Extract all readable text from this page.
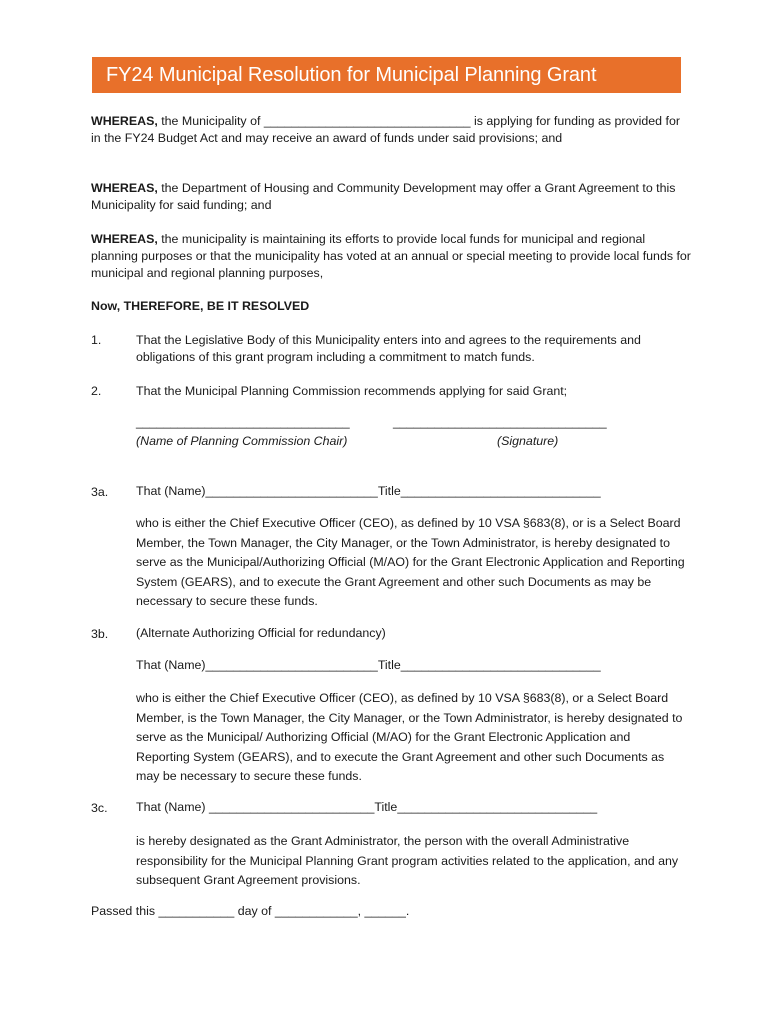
FY24 Municipal Resolution for Municipal Planning Grant

WHEREAS, the Municipality of ______________________________ is applying for funding as provided for in the FY24 Budget Act and may receive an award of funds under said provisions; and

WHEREAS, the Department of Housing and Community Development may offer a Grant Agreement to this Municipality for said funding; and

WHEREAS, the municipality is maintaining its efforts to provide local funds for municipal and regional planning purposes or that the municipality has voted at an annual or special meeting to provide local funds for municipal and regional planning purposes,

Now, THEREFORE, BE IT RESOLVED

1.	That the Legislative Body of this Municipality enters into and agrees to the requirements and obligations of this grant program including a commitment to match funds.

2.	That the Municipal Planning Commission recommends applying for said Grant;

_______________________________	_______________________________
(Name of Planning Commission Chair)	(Signature)

3a. That (Name)_________________________Title_____________________________

who is either the Chief Executive Officer (CEO), as defined by 10 VSA §683(8), or is a Select Board Member, the Town Manager, the City Manager, or the Town Administrator, is hereby designated to serve as the Municipal/Authorizing Official (M/AO) for the Grant Electronic Application and Reporting System (GEARS), and to execute the Grant Agreement and other such Documents as may be necessary to secure these funds.

3b. (Alternate Authorizing Official for redundancy)
That (Name)_________________________Title_____________________________

who is either the Chief Executive Officer (CEO), as defined by 10 VSA §683(8), or a Select Board Member, is the Town Manager, the City Manager, or the Town Administrator, is hereby designated to serve as the Municipal/ Authorizing Official (M/AO) for the Grant Electronic Application and Reporting System (GEARS), and to execute the Grant Agreement and other such Documents as may be necessary to secure these funds.

3c. That (Name) ________________________Title_____________________________

is hereby designated as the Grant Administrator, the person with the overall Administrative responsibility for the Municipal Planning Grant program activities related to the application, and any subsequent Grant Agreement provisions.

Passed this ___________ day of ____________, ______.
